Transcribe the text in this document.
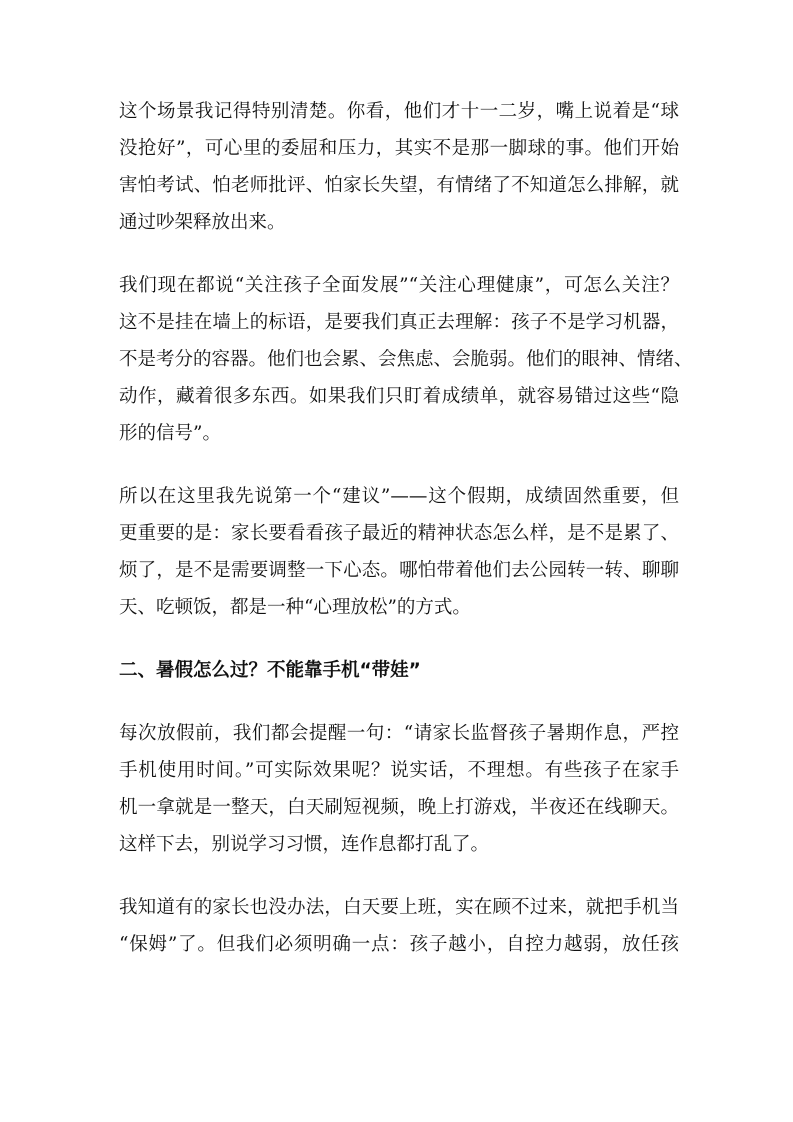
这个场景我记得特别清楚。你看，他们才十一二岁，嘴上说着是“球
没抢好”，可心里的委屈和压力，其实不是那一脚球的事。他们开始
害怕考试、怕老师批评、怕家长失望，有情绪了不知道怎么排解，就
通过吵架释放出来。
我们现在都说“关注孩子全面发展”“关注心理健康”，可怎么关注？
这不是挂在墙上的标语，是要我们真正去理解：孩子不是学习机器，
不是考分的容器。他们也会累、会焦虑、会脆弱。他们的眼神、情绪、
动作，藏着很多东西。如果我们只盯着成绩单，就容易错过这些“隐
形的信号”。
所以在这里我先说第一个“建议”——这个假期，成绩固然重要，但
更重要的是：家长要看看孩子最近的精神状态怎么样，是不是累了、
烦了，是不是需要调整一下心态。哪怕带着他们去公园转一转、聊聊
天、吃顿饭，都是一种“心理放松”的方式。
二、暑假怎么过？不能靠手机“带娃”
每次放假前，我们都会提醒一句：“请家长监督孩子暑期作息，严控
手机使用时间。”可实际效果呢？说实话，不理想。有些孩子在家手
机一拿就是一整天，白天刷短视频，晚上打游戏，半夜还在线聊天。
这样下去，别说学习习惯，连作息都打乱了。
我知道有的家长也没办法，白天要上班，实在顾不过来，就把手机当
“保姆”了。但我们必须明确一点：孩子越小，自控力越弱，放任孩
